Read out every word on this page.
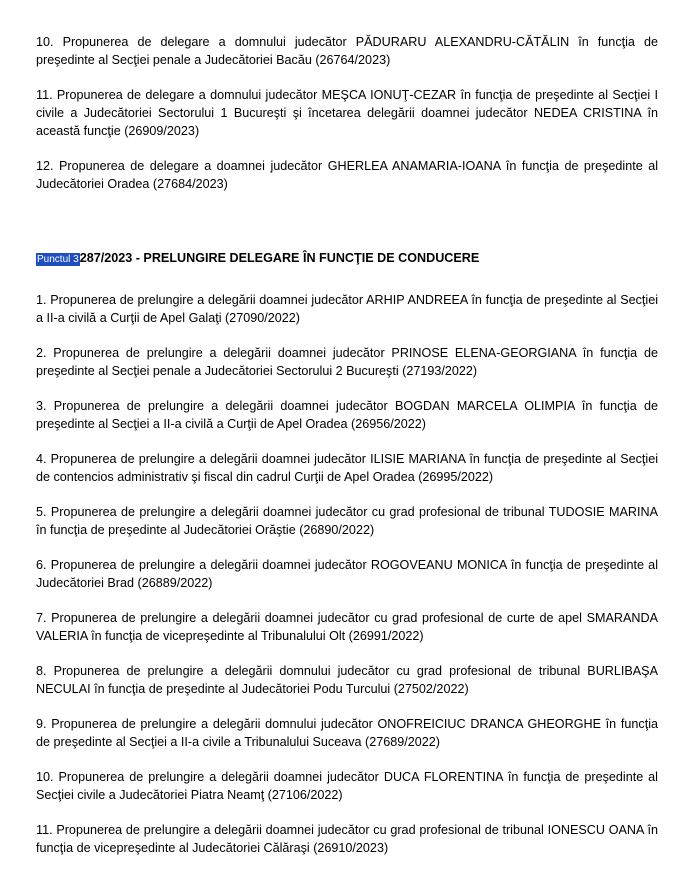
10. Propunerea de delegare a domnului judecător PĂDURARU ALEXANDRU-CĂTĂLIN în funcţia de preşedinte al Secţiei penale a Judecătoriei Bacău (26764/2023)

11. Propunerea de delegare a domnului judecător MEŞCA IONUŢ-CEZAR în funcţia de preşedinte al Secţiei I civile a Judecătoriei Sectorului 1 Bucureşti şi încetarea delegării doamnei judecător NEDEA CRISTINA în această funcţie (26909/2023)

12. Propunerea de delegare a doamnei judecător GHERLEA ANAMARIA-IOANA în funcţia de preşedinte al Judecătoriei Oradea (27684/2023)

Punctul 3287/2023 - PRELUNGIRE DELEGARE ÎN FUNCŢIE DE CONDUCERE

1. Propunerea de prelungire a delegării doamnei judecător ARHIP ANDREEA în funcţia de preşedinte al Secţiei a II-a civilă a Curţii de Apel Galaţi (27090/2022)

2. Propunerea de prelungire a delegării doamnei judecător PRINOSE ELENA-GEORGIANA în funcţia de preşedinte al Secţiei penale a Judecătoriei Sectorului 2 Bucureşti (27193/2022)

3. Propunerea de prelungire a delegării doamnei judecător BOGDAN MARCELA OLIMPIA în funcţia de preşedinte al Secţiei a II-a civilă a Curţii de Apel Oradea (26956/2022)

4. Propunerea de prelungire a delegării doamnei judecător ILISIE MARIANA în funcţia de preşedinte al Secţiei de contencios administrativ şi fiscal din cadrul Curţii de Apel Oradea (26995/2022)

5. Propunerea de prelungire a delegării doamnei judecător cu grad profesional de tribunal TUDOSIE MARINA în funcţia de preşedinte al Judecătoriei Orăştie (26890/2022)

6. Propunerea de prelungire a delegării doamnei judecător ROGOVEANU MONICA în funcţia de preşedinte al Judecătoriei Brad (26889/2022)

7. Propunerea de prelungire a delegării doamnei judecător cu grad profesional de curte de apel SMARANDA VALERIA în funcţia de vicepreşedinte al Tribunalului Olt (26991/2022)

8. Propunerea de prelungire a delegării domnului judecător cu grad profesional de tribunal BURLIBAŞA NECULAI în funcţia de preşedinte al Judecătoriei Podu Turcului (27502/2022)

9. Propunerea de prelungire a delegării domnului judecător ONOFREICIUC DRANCA GHEORGHE în funcţia de preşedinte al Secţiei a II-a civile a Tribunalului Suceava (27689/2022)

10. Propunerea de prelungire a delegării doamnei judecător DUCA FLORENTINA în funcţia de preşedinte al Secţiei civile a Judecătoriei Piatra Neamţ (27106/2022)

11. Propunerea de prelungire a delegării doamnei judecător cu grad profesional de tribunal IONESCU OANA în funcţia de vicepreşedinte al Judecătoriei Călăraşi (26910/2023)
